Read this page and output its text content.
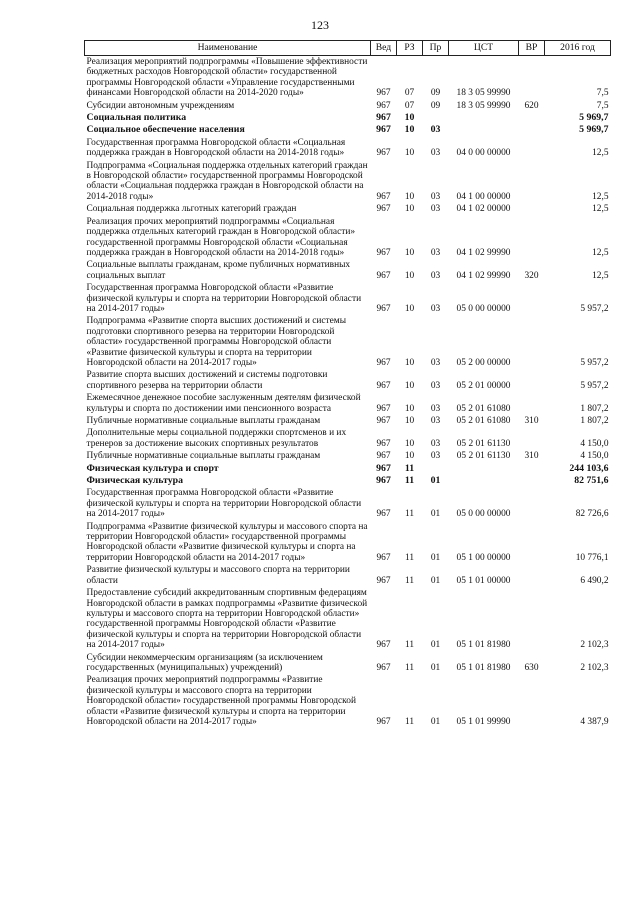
123
Наименование	Вед	РЗ	Пр	ЦСТ	ВР	2016 год
Реализация мероприятий подпрограммы «Повышение эффективности бюджетных расходов Новгородской области» государственной программы Новгородской области «Управление государственными финансами Новгородской области на 2014-2020 годы»	967	07	09	18 3 05 99990		7,5
Субсидии автономным учреждениям	967	07	09	18 3 05 99990	620	7,5
Социальная политика	967	10				5 969,7
Социальное обеспечение населения	967	10	03			5 969,7
Государственная программа Новгородской области «Социальная поддержка граждан в Новгородской области на 2014-2018 годы»	967	10	03	04 0 00 00000		12,5
Подпрограмма «Социальная поддержка отдельных категорий граждан в Новгородской области» государственной программы Новгородской области «Социальная поддержка граждан в Новгородской области на 2014-2018 годы»	967	10	03	04 1 00 00000		12,5
Социальная поддержка льготных категорий граждан	967	10	03	04 1 02 00000		12,5
Реализация прочих мероприятий подпрограммы «Социальная поддержка отдельных категорий граждан в Новгородской области» государственной программы Новгородской области «Социальная поддержка граждан в Новгородской области на 2014-2018 годы»	967	10	03	04 1 02 99990		12,5
Социальные выплаты гражданам, кроме публичных нормативных социальных выплат	967	10	03	04 1 02 99990	320	12,5
Государственная программа Новгородской области «Развитие физической культуры и спорта на территории Новгородской области на 2014-2017 годы»	967	10	03	05 0 00 00000		5 957,2
Подпрограмма «Развитие спорта высших достижений и системы подготовки спортивного резерва на территории Новгородской области» государственной программы Новгородской области «Развитие физической культуры и спорта на территории Новгородской области на 2014-2017 годы»	967	10	03	05 2 00 00000		5 957,2
Развитие спорта высших достижений и системы подготовки спортивного резерва на территории области	967	10	03	05 2 01 00000		5 957,2
Ежемесячное денежное пособие заслуженным деятелям физической культуры и спорта по достижении ими пенсионного возраста	967	10	03	05 2 01 61080		1 807,2
Публичные нормативные социальные выплаты гражданам	967	10	03	05 2 01 61080	310	1 807,2
Дополнительные меры социальной поддержки спортсменов и их тренеров за достижение высоких спортивных результатов	967	10	03	05 2 01 61130		4 150,0
Публичные нормативные социальные выплаты гражданам	967	10	03	05 2 01 61130	310	4 150,0
Физическая культура и спорт	967	11				244 103,6
Физическая культура	967	11	01			82 751,6
Государственная программа Новгородской области «Развитие физической культуры и спорта на территории Новгородской области на 2014-2017 годы»	967	11	01	05 0 00 00000		82 726,6
Подпрограмма «Развитие физической культуры и массового спорта на территории Новгородской области» государственной программы Новгородской области «Развитие физической культуры и спорта на территории Новгородской области на 2014-2017 годы»	967	11	01	05 1 00 00000		10 776,1
Развитие физической культуры и массового спорта на территории области	967	11	01	05 1 01 00000		6 490,2
Предоставление субсидий аккредитованным спортивным федерациям Новгородской области в рамках подпрограммы «Развитие физической культуры и массового спорта на территории Новгородской области» государственной программы Новгородской области «Развитие физической культуры и спорта на территории Новгородской области на 2014-2017 годы»	967	11	01	05 1 01 81980		2 102,3
Субсидии некоммерческим организациям (за исключением государственных (муниципальных) учреждений)	967	11	01	05 1 01 81980	630	2 102,3
Реализация прочих мероприятий подпрограммы «Развитие физической культуры и массового спорта на территории Новгородской области» государственной программы Новгородской области «Развитие физической культуры и спорта на территории Новгородской области на 2014-2017 годы»	967	11	01	05 1 01 99990		4 387,9
